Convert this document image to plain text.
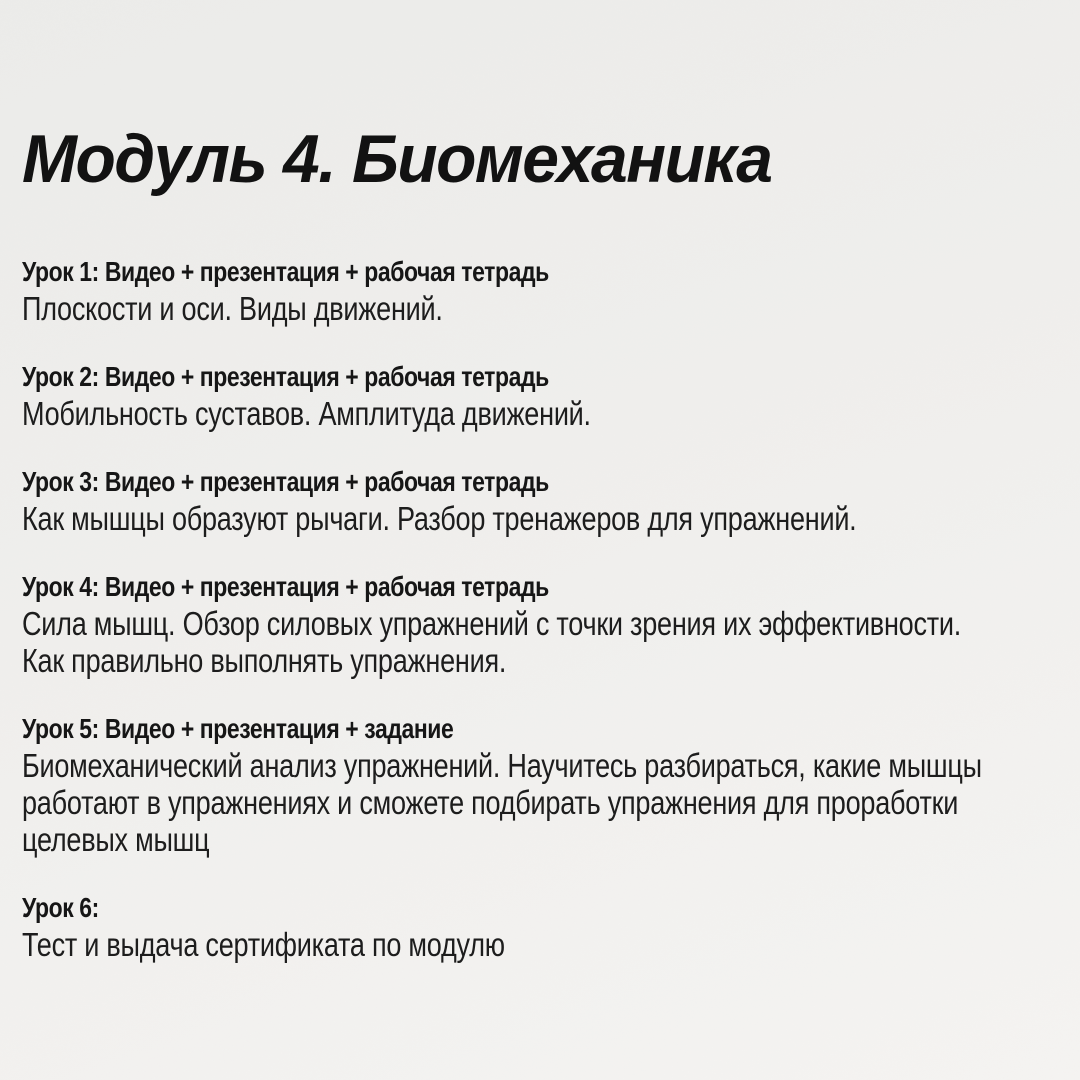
Модуль 4. Биомеханика
Урок 1: Видео + презентация + рабочая тетрадь
Плоскости и оси. Виды движений.
Урок 2: Видео + презентация + рабочая тетрадь
Мобильность суставов. Амплитуда движений.
Урок 3: Видео + презентация + рабочая тетрадь
Как мышцы образуют рычаги. Разбор тренажеров для упражнений.
Урок 4: Видео + презентация + рабочая тетрадь
Сила мышц. Обзор силовых упражнений с точки зрения их эффективности.
Как правильно выполнять упражнения.
Урок 5: Видео + презентация + задание
Биомеханический анализ упражнений. Научитесь разбираться, какие мышцы
работают в упражнениях и сможете подбирать упражнения для проработки
целевых мышц
Урок 6:
Тест и выдача сертификата по модулю
